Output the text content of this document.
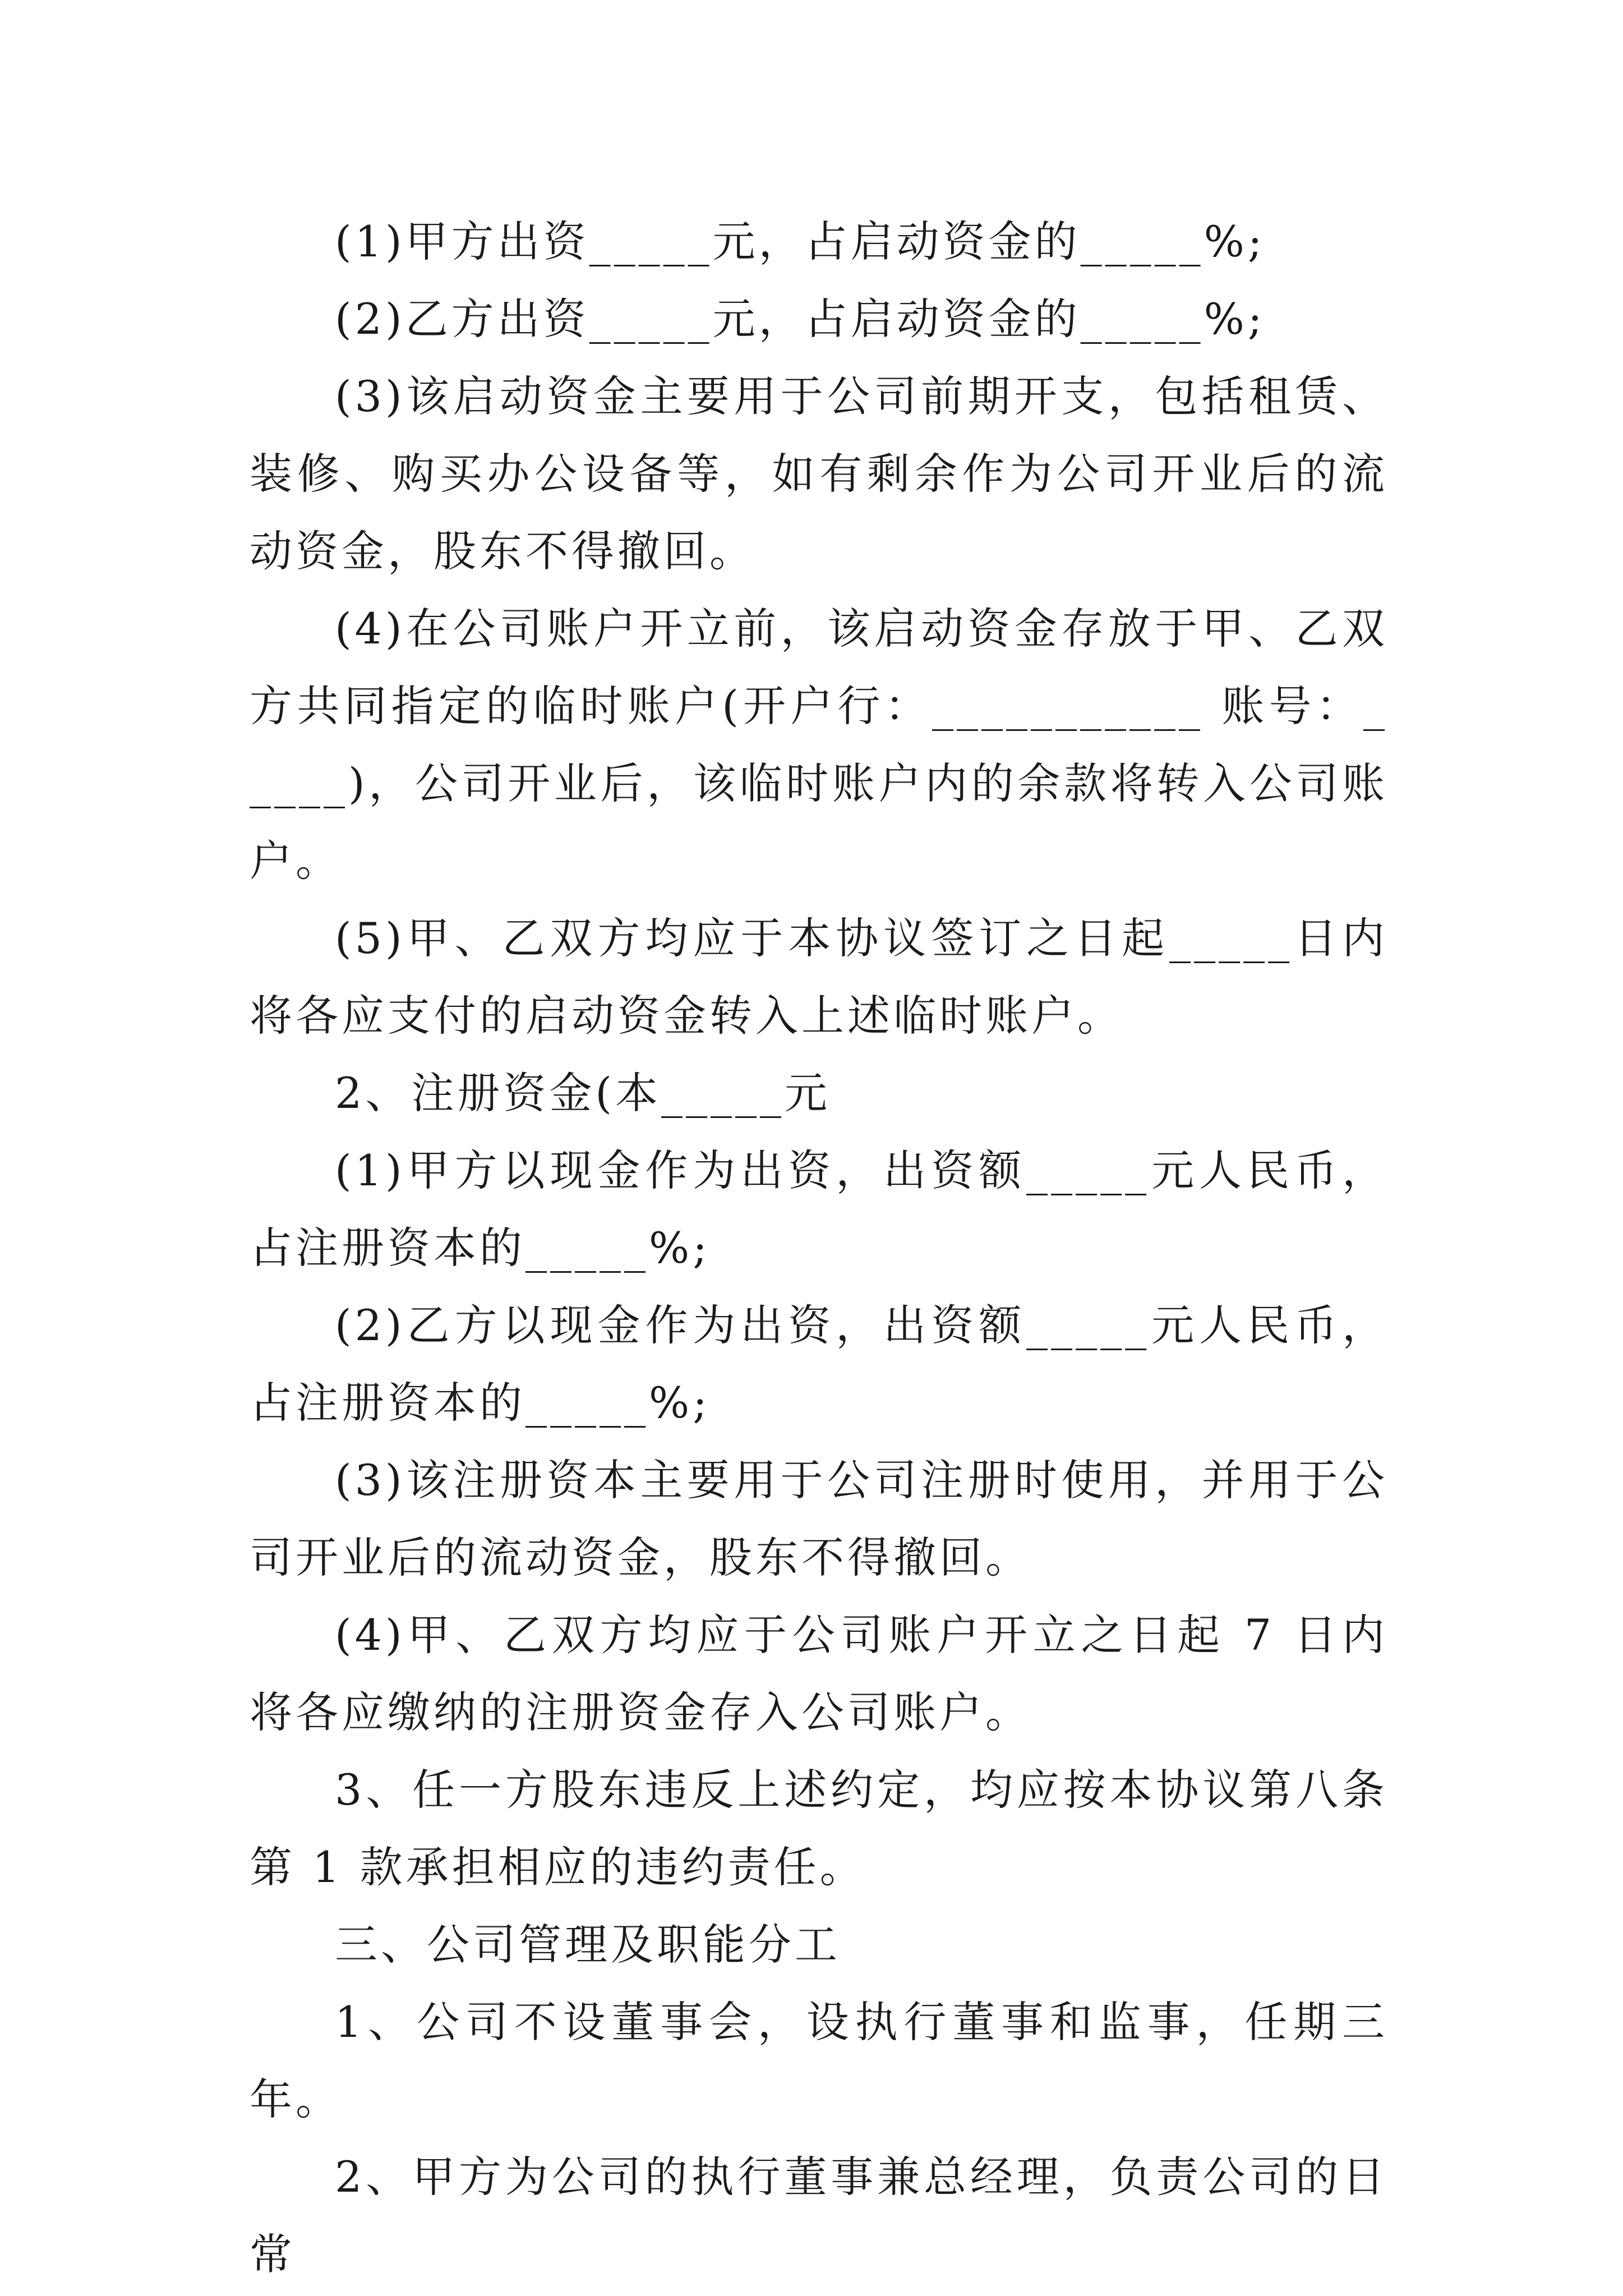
(1)甲方出资_____元，占启动资金的_____%;

(2)乙方出资_____元，占启动资金的_____%;

(3)该启动资金主要用于公司前期开支，包括租赁、装修、购买办公设备等，如有剩余作为公司开业后的流动资金，股东不得撤回。

(4)在公司账户开立前，该启动资金存放于甲、乙双方共同指定的临时账户(开户行：___________ 账号：_____)，公司开业后，该临时账户内的余款将转入公司账户。

(5)甲、乙双方均应于本协议签订之日起_____日内将各应支付的启动资金转入上述临时账户。

2、注册资金(本_____元

(1)甲方以现金作为出资，出资额_____元人民币，占注册资本的_____%;

(2)乙方以现金作为出资，出资额_____元人民币，占注册资本的_____%;

(3)该注册资本主要用于公司注册时使用，并用于公司开业后的流动资金，股东不得撤回。

(4)甲、乙双方均应于公司账户开立之日起 7 日内将各应缴纳的注册资金存入公司账户。

3、任一方股东违反上述约定，均应按本协议第八条第 1 款承担相应的违约责任。

三、公司管理及职能分工

1、公司不设董事会，设执行董事和监事，任期三年。

2、甲方为公司的执行董事兼总经理，负责公司的日常
